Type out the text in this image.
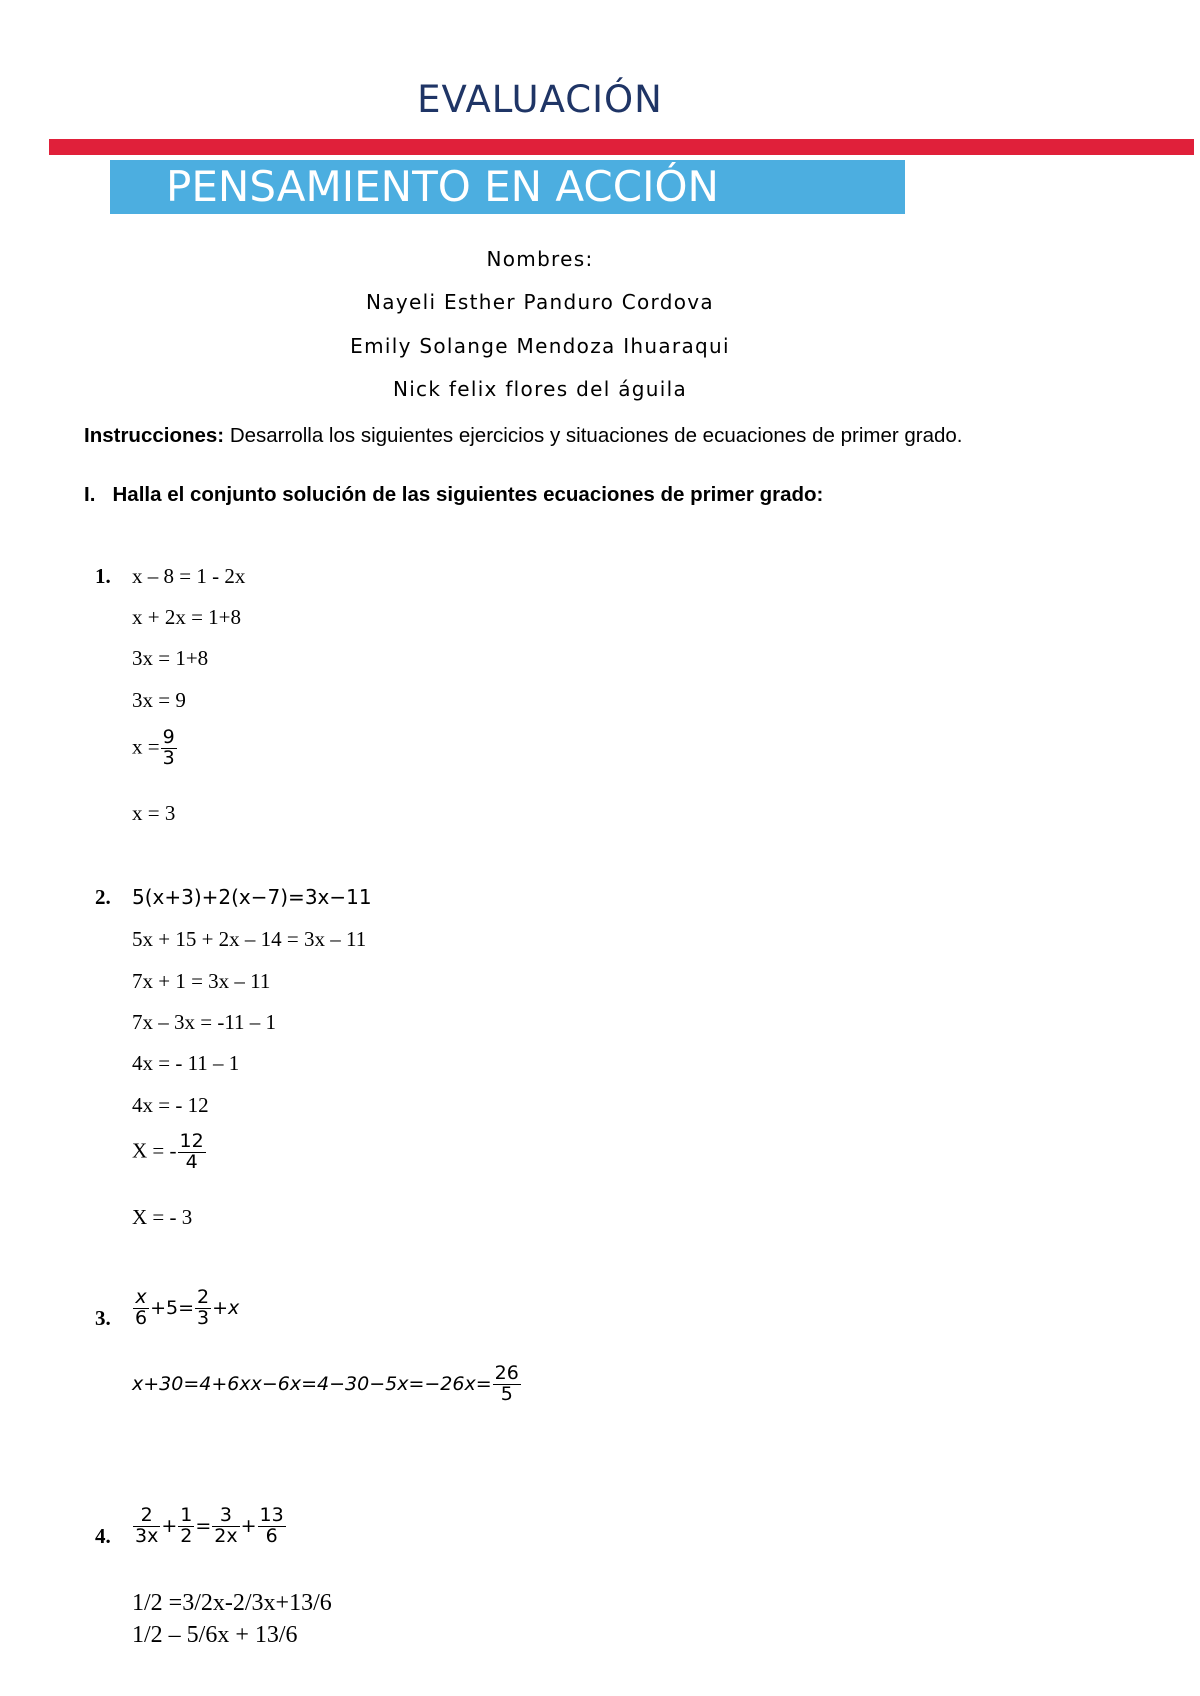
EVALUACIÓN
PENSAMIENTO EN ACCIÓN
Nombres:
Nayeli Esther Panduro Cordova
Emily Solange Mendoza Ihuaraqui
Nick felix flores del águila
Instrucciones: Desarrolla los siguientes ejercicios y situaciones de ecuaciones de primer grado.
I. Halla el conjunto solución de las siguientes ecuaciones de primer grado:
1. x – 8 = 1 - 2x
x + 2x = 1+8
3x = 1+8
3x = 9
$x = \frac{9}{3}$
x = 3
2. 5(x+3)+2(x−7)=3x−11
5x + 15 + 2x – 14 = 3x – 11
7x + 1 = 3x – 11
7x – 3x = -11 – 1
4x = - 11 – 1
4x = - 12
X = - $\frac{12}{4}$
X = - 3
3. $\frac{x}{6} +5= \frac{2}{3} +x$
$x+30=4+6xx-6x=4-30-5x=-26x= \frac{26}{5}$
4. $\frac{2}{3x} + \frac{1}{2} = \frac{3}{2x} + \frac{13}{6}$
1/2 =3/2x-2/3x+13/6
1/2 – 5/6x + 13/6
